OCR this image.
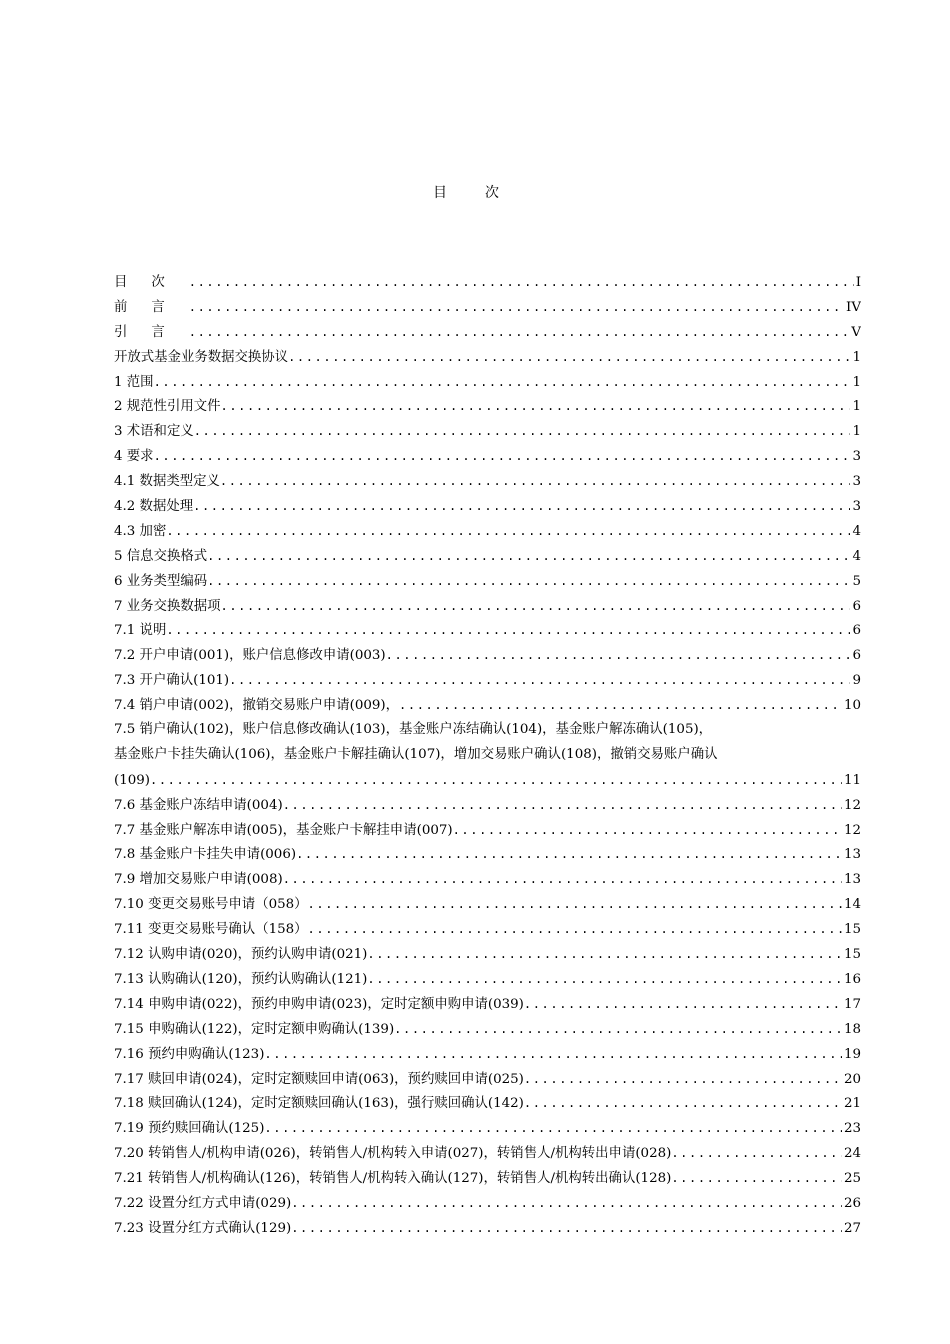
目次
目次 .....	I
前言 .....	IV
引言 .....	V
开放式基金业务数据交换协议 .....	1
1 范围 .....	1
2 规范性引用文件 .....	1
3 术语和定义 .....	1
4 要求 .....	3
4.1 数据类型定义 .....	3
4.2 数据处理 .....	3
4.3 加密 .....	4
5 信息交换格式 .....	4
6 业务类型编码 .....	5
7 业务交换数据项 .....	6
7.1 说明 .....	6
7.2 开户申请(001)，账户信息修改申请(003) .....	6
7.3 开户确认(101) .....	9
7.4 销户申请(002)，撤销交易账户申请(009)， .....	10
7.5 销户确认(102)，账户信息修改确认(103)，基金账户冻结确认(104)，基金账户解冻确认(105)，
基金账户卡挂失确认(106)，基金账户卡解挂确认(107)，增加交易账户确认(108)，撤销交易账户确认
(109) .....	11
7.6 基金账户冻结申请(004) .....	12
7.7 基金账户解冻申请(005)，基金账户卡解挂申请(007) .....	12
7.8 基金账户卡挂失申请(006) .....	13
7.9 增加交易账户申请(008) .....	13
7.10 变更交易账号申请（058） .....	14
7.11 变更交易账号确认（158） .....	15
7.12 认购申请(020)，预约认购申请(021) .....	15
7.13 认购确认(120)，预约认购确认(121) .....	16
7.14 申购申请(022)，预约申购申请(023)，定时定额申购申请(039) .....	17
7.15 申购确认(122)，定时定额申购确认(139) .....	18
7.16 预约申购确认(123) .....	19
7.17 赎回申请(024)，定时定额赎回申请(063)，预约赎回申请(025) .....	20
7.18 赎回确认(124)，定时定额赎回确认(163)，强行赎回确认(142) .....	21
7.19 预约赎回确认(125) .....	23
7.20 转销售人/机构申请(026)，转销售人/机构转入申请(027)，转销售人/机构转出申请(028) .....	24
7.21 转销售人/机构确认(126)，转销售人/机构转入确认(127)，转销售人/机构转出确认(128) .....	25
7.22 设置分红方式申请(029) .....	26
7.23 设置分红方式确认(129) .....	27
